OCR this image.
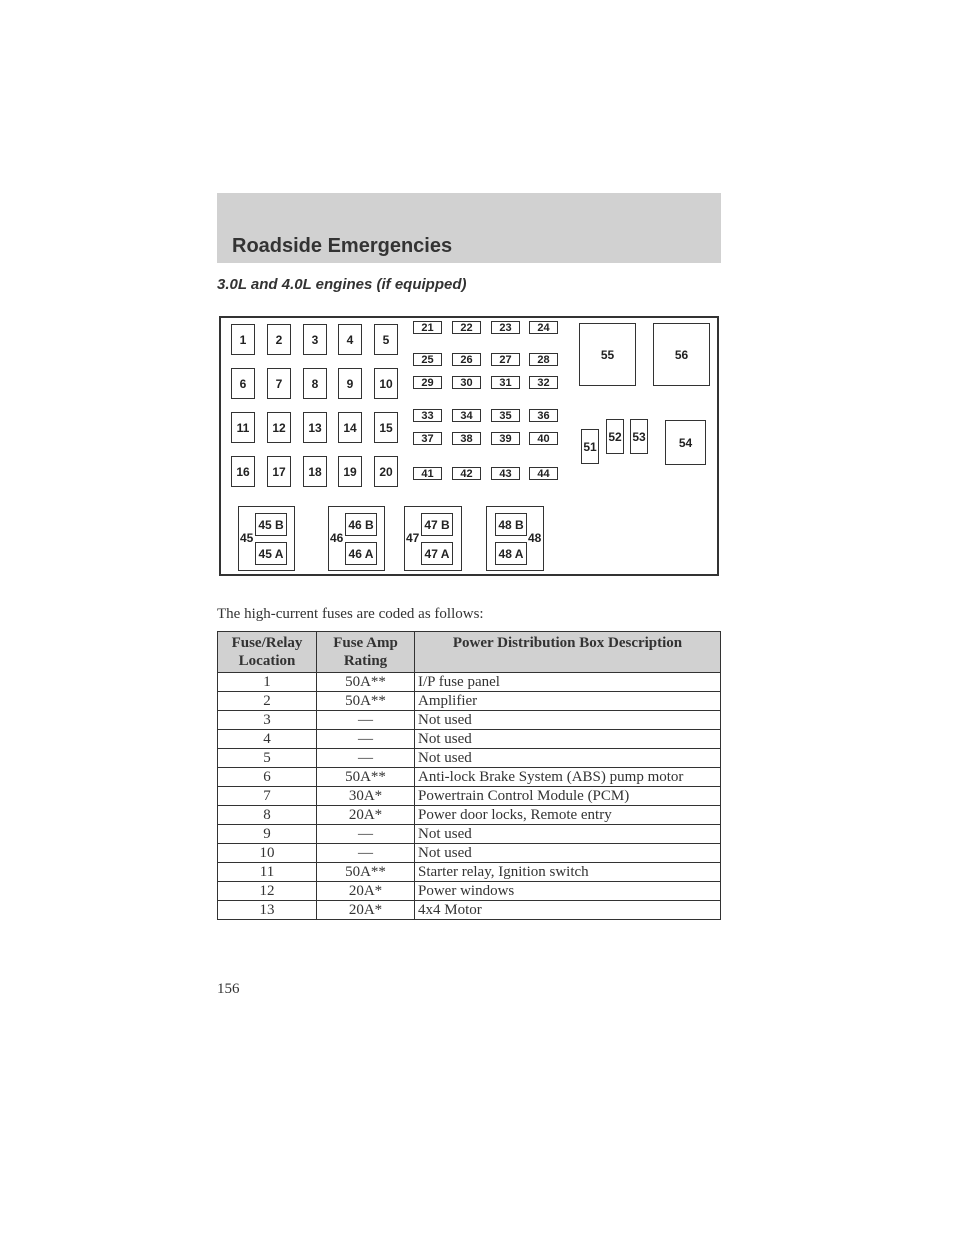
Roadside Emergencies
3.0L and 4.0L engines (if equipped)
1	2	3	4	5
6	7	8	9	10
11	12	13	14	15
16	17	18	19	20
21	22	23	24
25	26	27	28
29	30	31	32
33	34	35	36
37	38	39	40
41	42	43	44
51
52 53	54
55	56
45 B
45 A
45
46 B
46 A
46
47 B
47 A
47
48 B
48 A
48
The high-current fuses are coded as follows:
Fuse/Relay Location	Fuse Amp Rating	Power Distribution Box Description
1	50A**	I/P fuse panel
2	50A**	Amplifier
3	—	Not used
4	—	Not used
5	—	Not used
6	50A**	Anti-lock Brake System (ABS) pump motor
7	30A*	Powertrain Control Module (PCM)
8	20A*	Power door locks, Remote entry
9	—	Not used
10	—	Not used
11	50A**	Starter relay, Ignition switch
12	20A*	Power windows
13	20A*	4x4 Motor
156
